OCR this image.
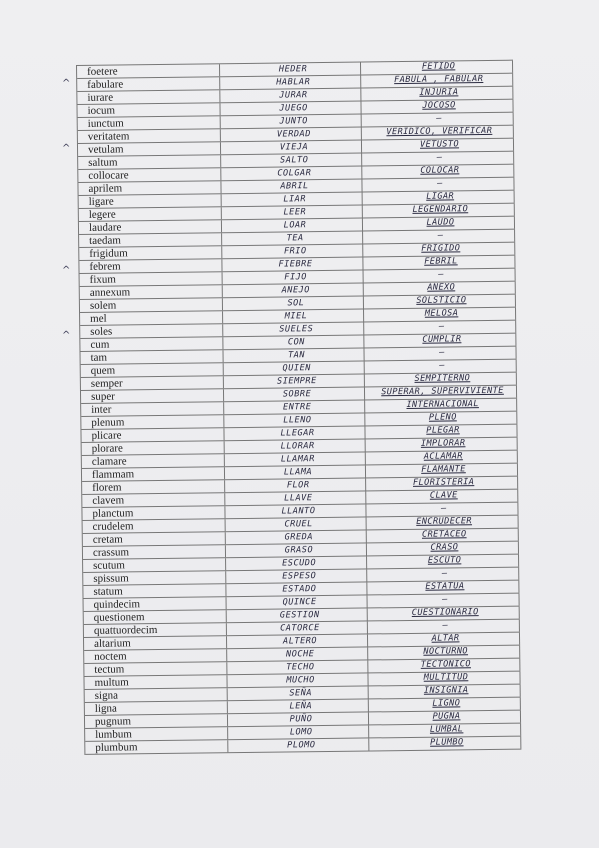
^
^
^
^
foetere	HEDER	FETIDO
fabulare	HABLAR	FABULA , FABULAR
iurare	JURAR	INJURIA
iocum	JUEGO	JOCOSO
iunctum	JUNTO	—
veritatem	VERDAD	VERIDICO, VERIFICAR
vetulam	VIEJA	VETUSTO
saltum	SALTO	—
collocare	COLGAR	COLOCAR
aprilem	ABRIL	—
ligare	LIAR	LIGAR
legere	LEER	LEGENDARIO
laudare	LOAR	LAUDO
taedam	TEA	—
frigidum	FRIO	FRIGIDO
febrem	FIEBRE	FEBRIL
fixum	FIJO	—
annexum	ANEJO	ANEXO
solem	SOL	SOLSTICIO
mel	MIEL	MELOSA
soles	SUELES	—
cum	CON	CUMPLIR
tam	TAN	—
quem	QUIEN	—
semper	SIEMPRE	SEMPITERNO
super	SOBRE	SUPERAR, SUPERVIVIENTE
inter	ENTRE	INTERNACIONAL
plenum	LLENO	PLENO
plicare	LLEGAR	PLEGAR
plorare	LLORAR	IMPLORAR
clamare	LLAMAR	ACLAMAR
flammam	LLAMA	FLAMANTE
florem	FLOR	FLORISTERÍA
clavem	LLAVE	CLAVE
planctum	LLANTO	—
crudelem	CRUEL	ENCRUDECER
cretam	GREDA	CRETÁCEO
crassum	GRASO	CRASO
scutum	ESCUDO	ESCUTO
spissum	ESPESO	—
statum	ESTADO	ESTATUA
quindecim	QUINCE	—
questionem	GESTION	CUESTIONARIO
quattuordecim	CATORCE	—
altarium	ALTERO	ALTAR
noctem	NOCHE	NOCTURNO
tectum	TECHO	TECTÓNICO
multum	MUCHO	MULTITUD
signa	SEÑA	INSIGNIA
ligna	LEÑA	LIGNO
pugnum	PUÑO	PUGNA
lumbum	LOMO	LUMBAL
plumbum	PLOMO	PLUMBO
